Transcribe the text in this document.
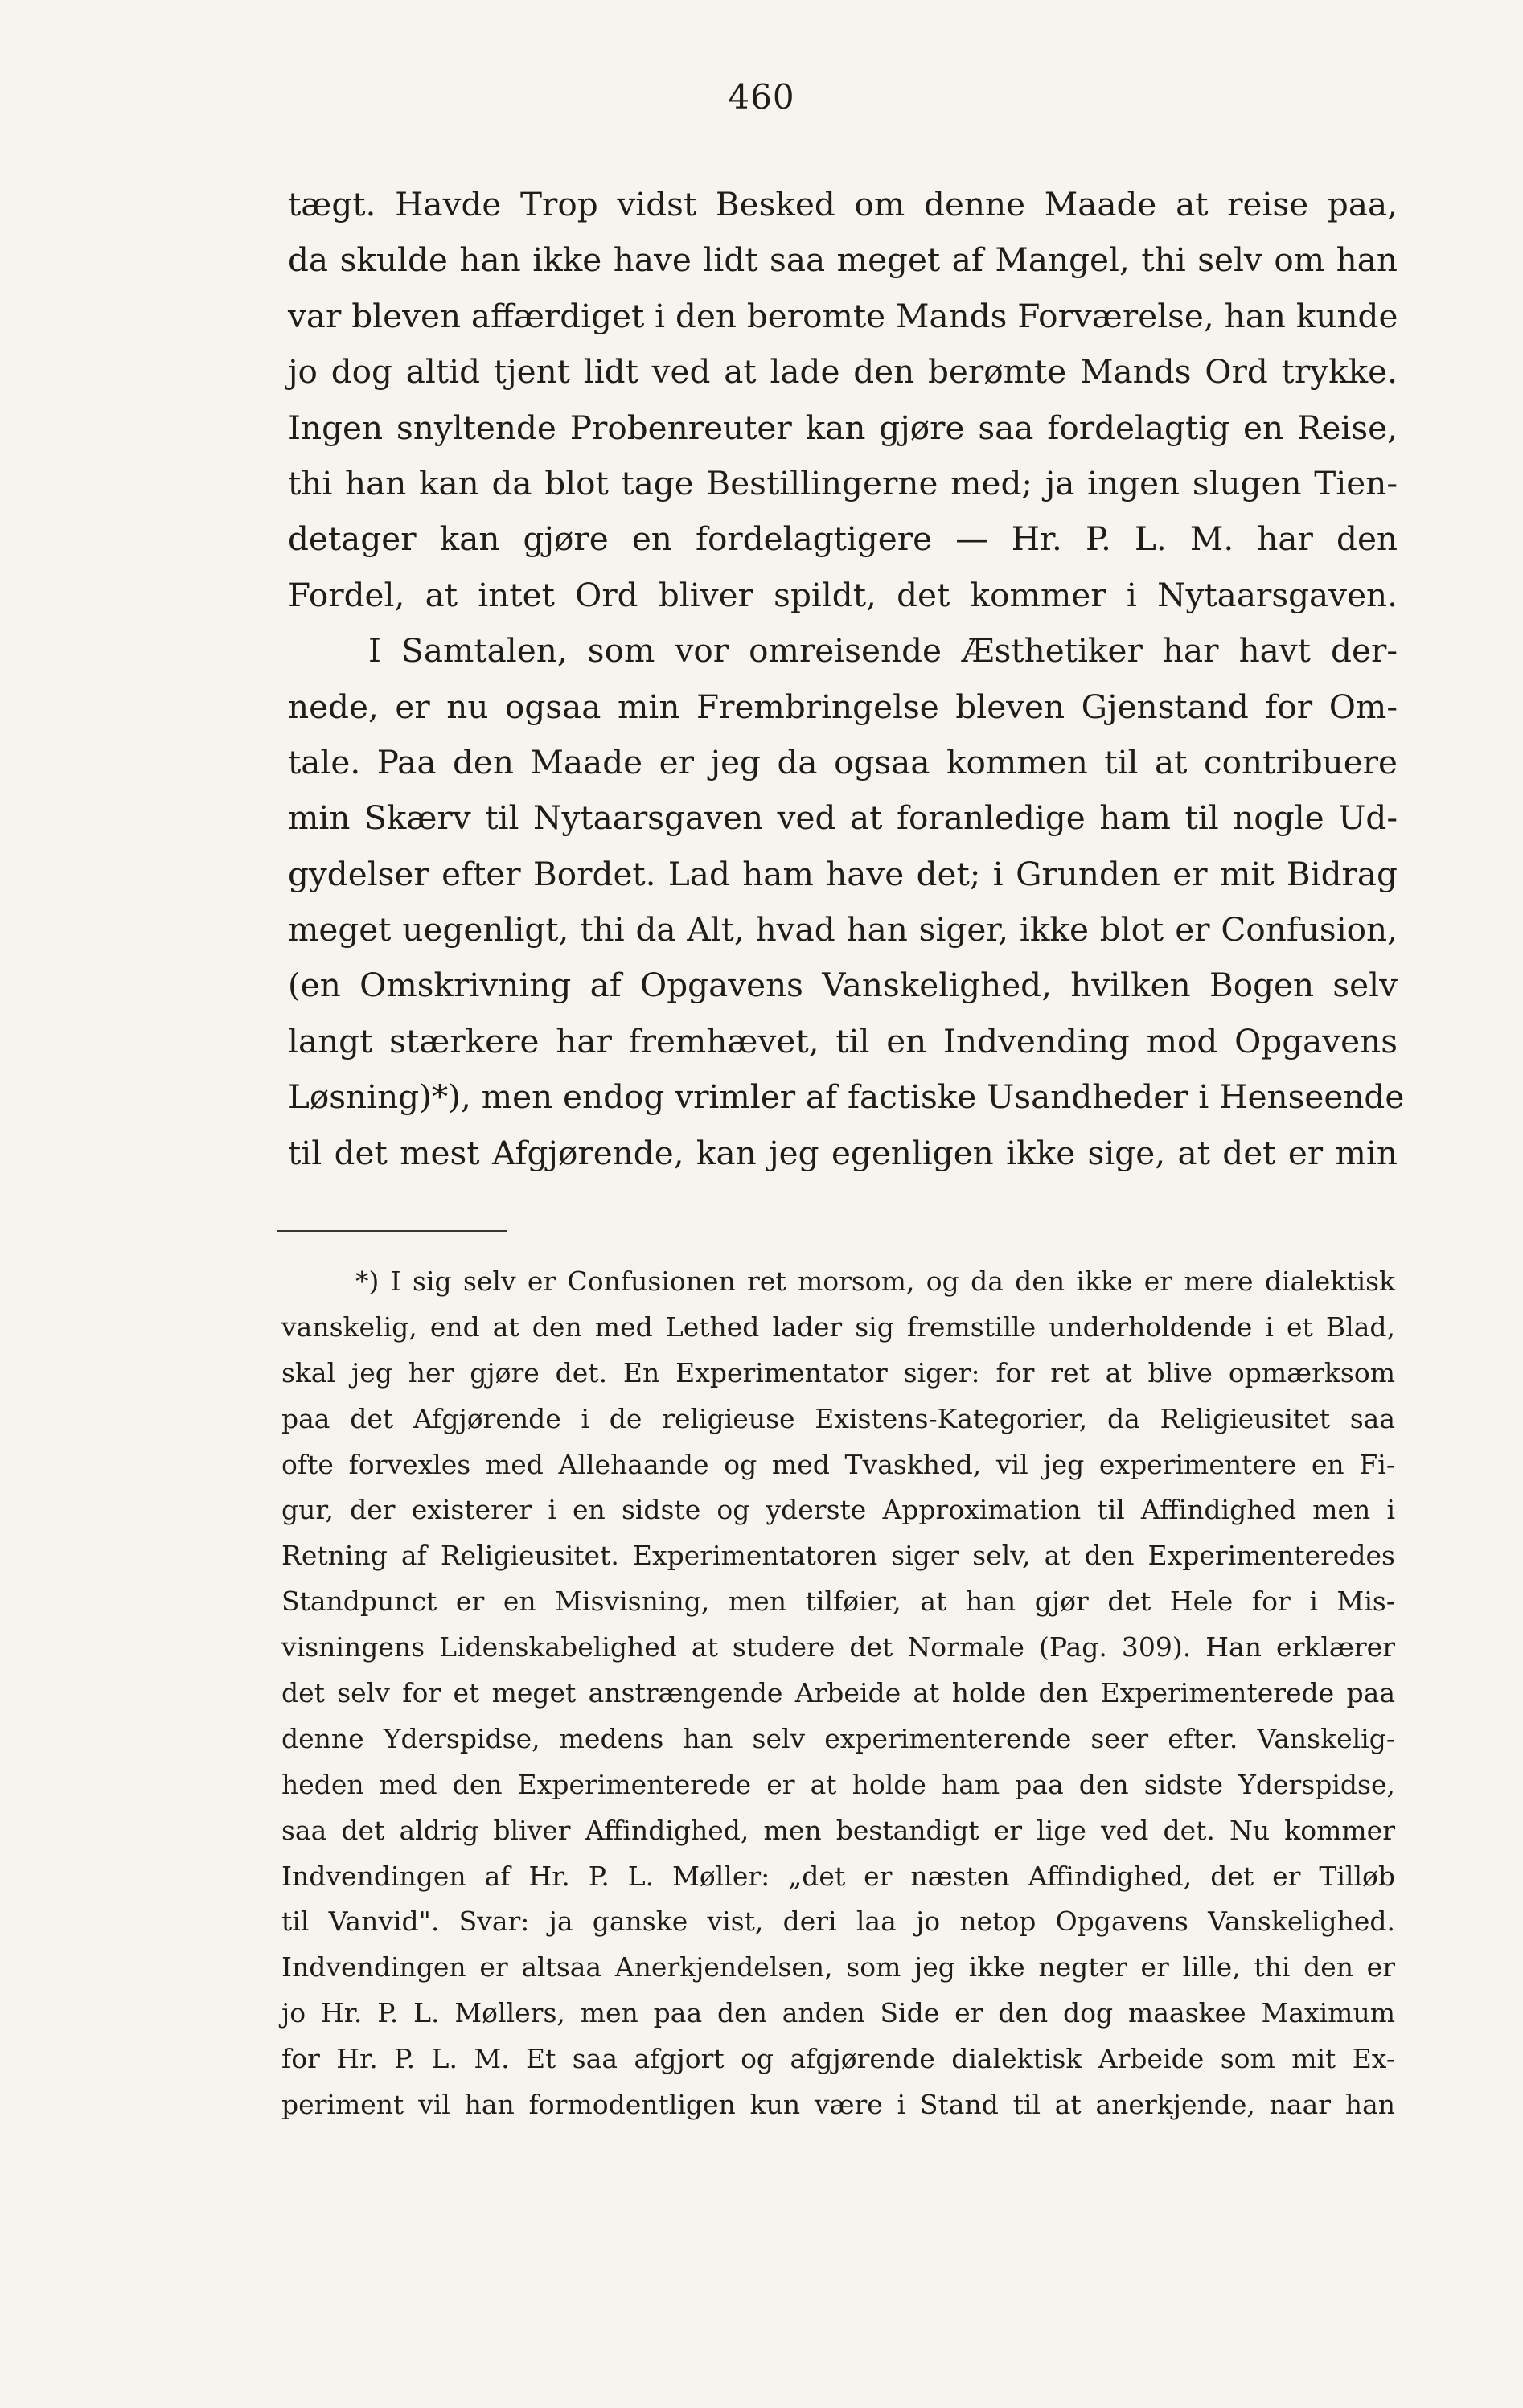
460
tægt. Havde Trop vidst Besked om denne Maade at reise paa,
da skulde han ikke have lidt saa meget af Mangel, thi selv om han
var bleven affærdiget i den beromte Mands Forværelse, han kunde
jo dog altid tjent lidt ved at lade den berømte Mands Ord trykke.
Ingen snyltende Probenreuter kan gjøre saa fordelagtig en Reise,
thi han kan da blot tage Bestillingerne med; ja ingen slugen Tien-
detager kan gjøre en fordelagtigere — Hr. P. L. M. har den
Fordel, at intet Ord bliver spildt, det kommer i Nytaarsgaven.
I Samtalen, som vor omreisende Æsthetiker har havt der-
nede, er nu ogsaa min Frembringelse bleven Gjenstand for Om-
tale. Paa den Maade er jeg da ogsaa kommen til at contribuere
min Skærv til Nytaarsgaven ved at foranledige ham til nogle Ud-
gydelser efter Bordet. Lad ham have det; i Grunden er mit Bidrag
meget uegenligt, thi da Alt, hvad han siger, ikke blot er Confusion,
(en Omskrivning af Opgavens Vanskelighed, hvilken Bogen selv
langt stærkere har fremhævet, til en Indvending mod Opgavens
Løsning)*), men endog vrimler af factiske Usandheder i Henseende
til det mest Afgjørende, kan jeg egenligen ikke sige, at det er min
*) I sig selv er Confusionen ret morsom, og da den ikke er mere dialektisk
vanskelig, end at den med Lethed lader sig fremstille underholdende i et Blad,
skal jeg her gjøre det. En Experimentator siger: for ret at blive opmærksom
paa det Afgjørende i de religieuse Existens-Kategorier, da Religieusitet saa
ofte forvexles med Allehaande og med Tvaskhed, vil jeg experimentere en Fi-
gur, der existerer i en sidste og yderste Approximation til Affindighed men i
Retning af Religieusitet. Experimentatoren siger selv, at den Experimenteredes
Standpunct er en Misvisning, men tilføier, at han gjør det Hele for i Mis-
visningens Lidenskabelighed at studere det Normale (Pag. 309). Han erklærer
det selv for et meget anstrængende Arbeide at holde den Experimenterede paa
denne Yderspidse, medens han selv experimenterende seer efter. Vanskelig-
heden med den Experimenterede er at holde ham paa den sidste Yderspidse,
saa det aldrig bliver Affindighed, men bestandigt er lige ved det. Nu kommer
Indvendingen af Hr. P. L. Møller: „det er næsten Affindighed, det er Tilløb
til Vanvid". Svar: ja ganske vist, deri laa jo netop Opgavens Vanskelighed.
Indvendingen er altsaa Anerkjendelsen, som jeg ikke negter er lille, thi den er
jo Hr. P. L. Møllers, men paa den anden Side er den dog maaskee Maximum
for Hr. P. L. M. Et saa afgjort og afgjørende dialektisk Arbeide som mit Ex-
periment vil han formodentligen kun være i Stand til at anerkjende, naar han
